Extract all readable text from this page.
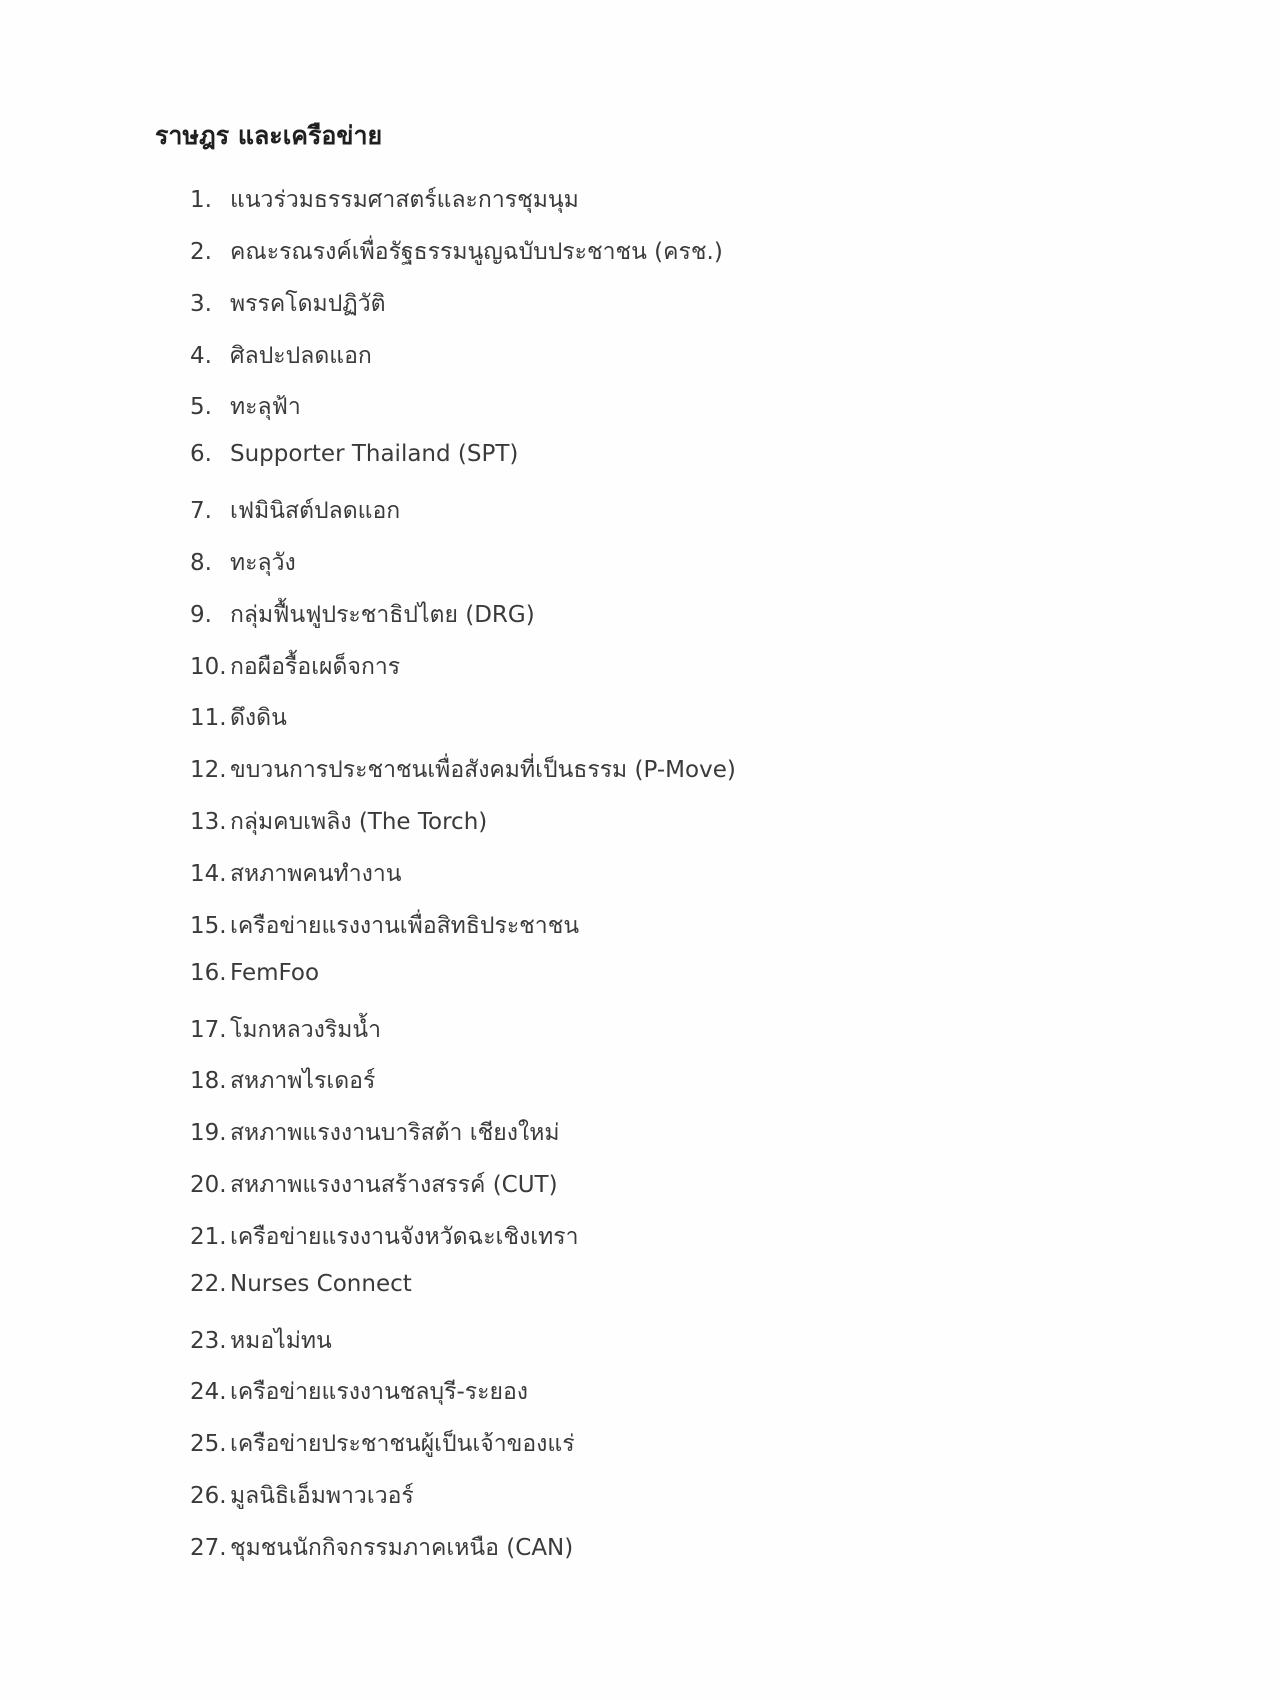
ราษฎร และเครือข่าย
1. แนวร่วมธรรมศาสตร์และการชุมนุม
2. คณะรณรงค์เพื่อรัฐธรรมนูญฉบับประชาชน (ครช.)
3. พรรคโดมปฏิวัติ
4. ศิลปะปลดแอก
5. ทะลุฟ้า
6. Supporter Thailand (SPT)
7. เฟมินิสต์ปลดแอก
8. ทะลุวัง
9. กลุ่มฟื้นฟูประชาธิปไตย (DRG)
10. กอผือรื้อเผด็จการ
11. ดึงดิน
12. ขบวนการประชาชนเพื่อสังคมที่เป็นธรรม (P-Move)
13. กลุ่มคบเพลิง (The Torch)
14. สหภาพคนทำงาน
15. เครือข่ายแรงงานเพื่อสิทธิประชาชน
16. FemFoo
17. โมกหลวงริมน้ำ
18. สหภาพไรเดอร์
19. สหภาพแรงงานบาริสต้า เชียงใหม่
20. สหภาพแรงงานสร้างสรรค์ (CUT)
21. เครือข่ายแรงงานจังหวัดฉะเชิงเทรา
22. Nurses Connect
23. หมอไม่ทน
24. เครือข่ายแรงงานชลบุรี-ระยอง
25. เครือข่ายประชาชนผู้เป็นเจ้าของแร่
26. มูลนิธิเอ็มพาวเวอร์
27. ชุมชนนักกิจกรรมภาคเหนือ (CAN)
